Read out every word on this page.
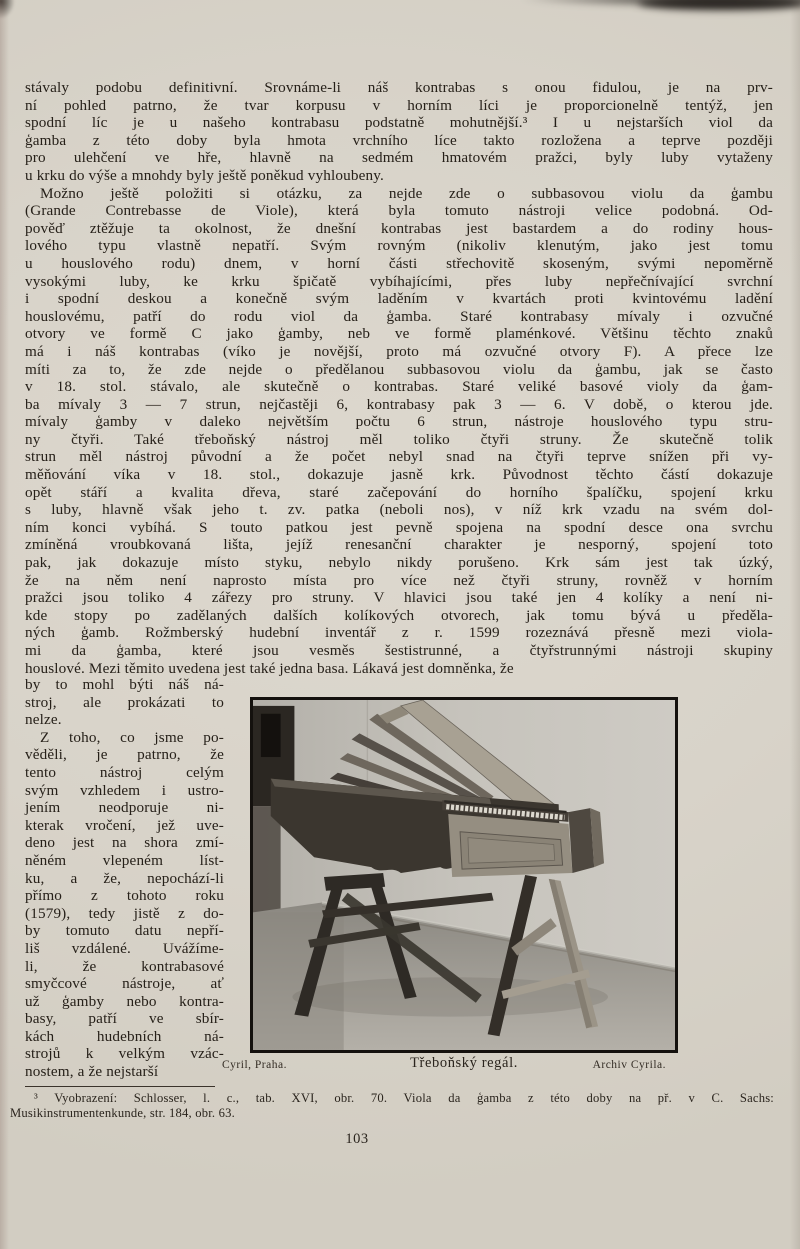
stávaly podobu definitivní. Srovnáme-li náš kontrabas s onou fidulou, je na prv-
ní pohled patrno, že tvar korpusu v horním líci je proporcionelně tentýž, jen
spodní líc je u našeho kontrabasu podstatně mohutnější.³ I u nejstarších viol da
ģamba z této doby byla hmota vrchního líce takto rozložena a teprve později
pro ulehčení ve hře, hlavně na sedmém hmatovém pražci, byly luby vytaženy
u krku do výše a mnohdy byly ještě poněkud vyhloubeny.
Možno ještě položiti si otázku, za nejde zde o subbasovou violu da ģambu
(Grande Contrebasse de Viole), která byla tomuto nástroji velice podobná. Od-
pověď ztěžuje ta okolnost, že dnešní kontrabas jest bastardem a do rodiny hous-
lového typu vlastně nepatří. Svým rovným (nikoliv klenutým, jako jest tomu
u houslového rodu) dnem, v horní části střechovitě skoseným, svými nepoměrně
vysokými luby, ke krku špičatě vybíhajícími, přes luby nepřečnívající svrchní
i spodní deskou a konečně svým laděním v kvartách proti kvintovému ladění
houslovému, patří do rodu viol da ģamba. Staré kontrabasy mívaly i ozvučné
otvory ve formě C jako ģamby, neb ve formě plaménkové. Většinu těchto znaků
má i náš kontrabas (víko je novější, proto má ozvučné otvory F). A přece lze
míti za to, že zde nejde o předělanou subbasovou violu da ģambu, jak se často
v 18. stol. stávalo, ale skutečně o kontrabas. Staré veliké basové violy da ģam-
ba mívaly 3 — 7 strun, nejčastěji 6, kontrabasy pak 3 — 6. V době, o kterou jde.
mívaly ģamby v daleko největším počtu 6 strun, nástroje houslového typu stru-
ny čtyři. Také třeboňský nástroj měl toliko čtyři struny. Že skutečně tolik
strun měl nástroj původní a že počet nebyl snad na čtyři teprve snížen při vy-
měňování víka v 18. stol., dokazuje jasně krk. Původnost těchto částí dokazuje
opět stáří a kvalita dřeva, staré začepování do horního špalíčku, spojení krku
s luby, hlavně však jeho t. zv. patka (neboli nos), v níž krk vzadu na svém dol-
ním konci vybíhá. S touto patkou jest pevně spojena na spodní desce ona svrchu
zmíněná vroubkovaná lišta, jejíž renesanční charakter je nesporný, spojení toto
pak, jak dokazuje místo styku, nebylo nikdy porušeno. Krk sám jest tak úzký,
že na něm není naprosto místa pro více než čtyři struny, rovněž v horním
pražci jsou toliko 4 zářezy pro struny. V hlavici jsou také jen 4 kolíky a není ni-
kde stopy po zadělaných dalších kolíkových otvorech, jak tomu bývá u předěla-
ných ģamb. Rožmberský hudební inventář z r. 1599 rozeznává přesně mezi viola-
mi da ģamba, které jsou vesměs šestistrunné, a čtyřstrunnými nástroji skupiny
houslové. Mezi těmito uvedena jest také jedna basa. Lákavá jest domněnka, že
by to mohl býti náš ná-
stroj, ale prokázati to
nelze.
Z toho, co jsme po-
věděli, je patrno, že
tento nástroj celým
svým vzhledem i ustro-
jením neodporuje ni-
kterak vročení, jež uve-
deno jest na shora zmí-
něném vlepeném líst-
ku, a že, nepochází-li
přímo z tohoto roku
(1579), tedy jistě z do-
by tomuto datu nepří-
liš vzdálené. Uvážíme-
li, že kontrabasové
smyčcové nástroje, ať
už ģamby nebo kontra-
basy, patří ve sbír-
kách hudebních ná-
strojů k velkým vzác-
nostem, a že nejstarší	Cyril, Praha.	Třeboňský regál.	Archiv Cyrila.
³ Vyobrazení: Schlosser, l. c., tab. XVI, obr. 70. Viola da ģamba z této doby na př. v C. Sachs:
Musikinstrumentenkunde, str. 184, obr. 63.
103
